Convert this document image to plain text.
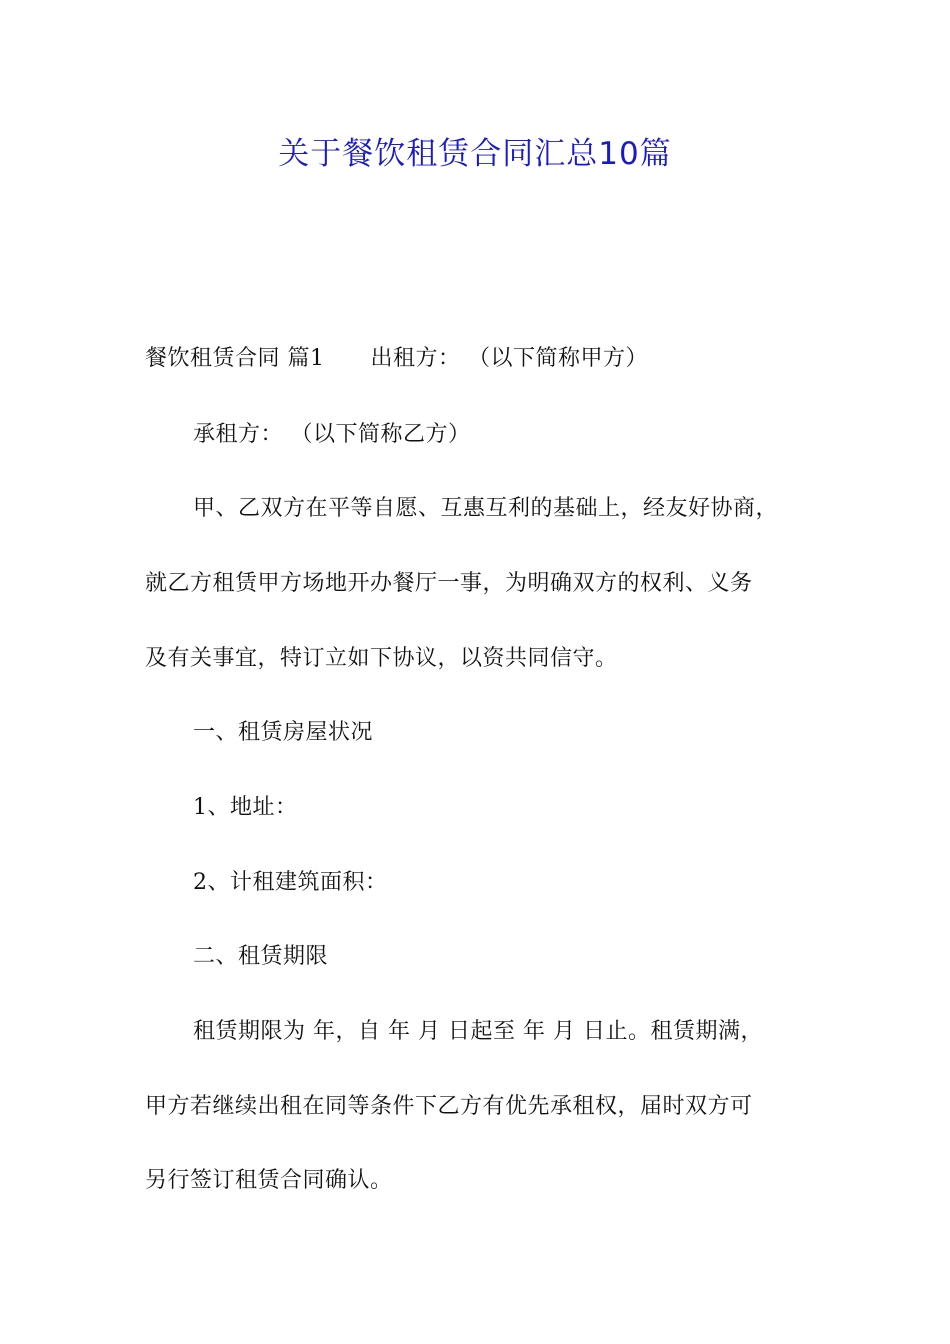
关于餐饮租赁合同汇总10篇

餐饮租赁合同 篇1 出租方： （以下简称甲方）

承租方： （以下简称乙方）

甲、乙双方在平等自愿、互惠互利的基础上，经友好协商，

就乙方租赁甲方场地开办餐厅一事，为明确双方的权利、义务

及有关事宜，特订立如下协议，以资共同信守。

一、租赁房屋状况

1、地址：

2、计租建筑面积：

二、租赁期限

租赁期限为 年，自 年 月 日起至 年 月 日止。租赁期满，

甲方若继续出租在同等条件下乙方有优先承租权，届时双方可

另行签订租赁合同确认。
